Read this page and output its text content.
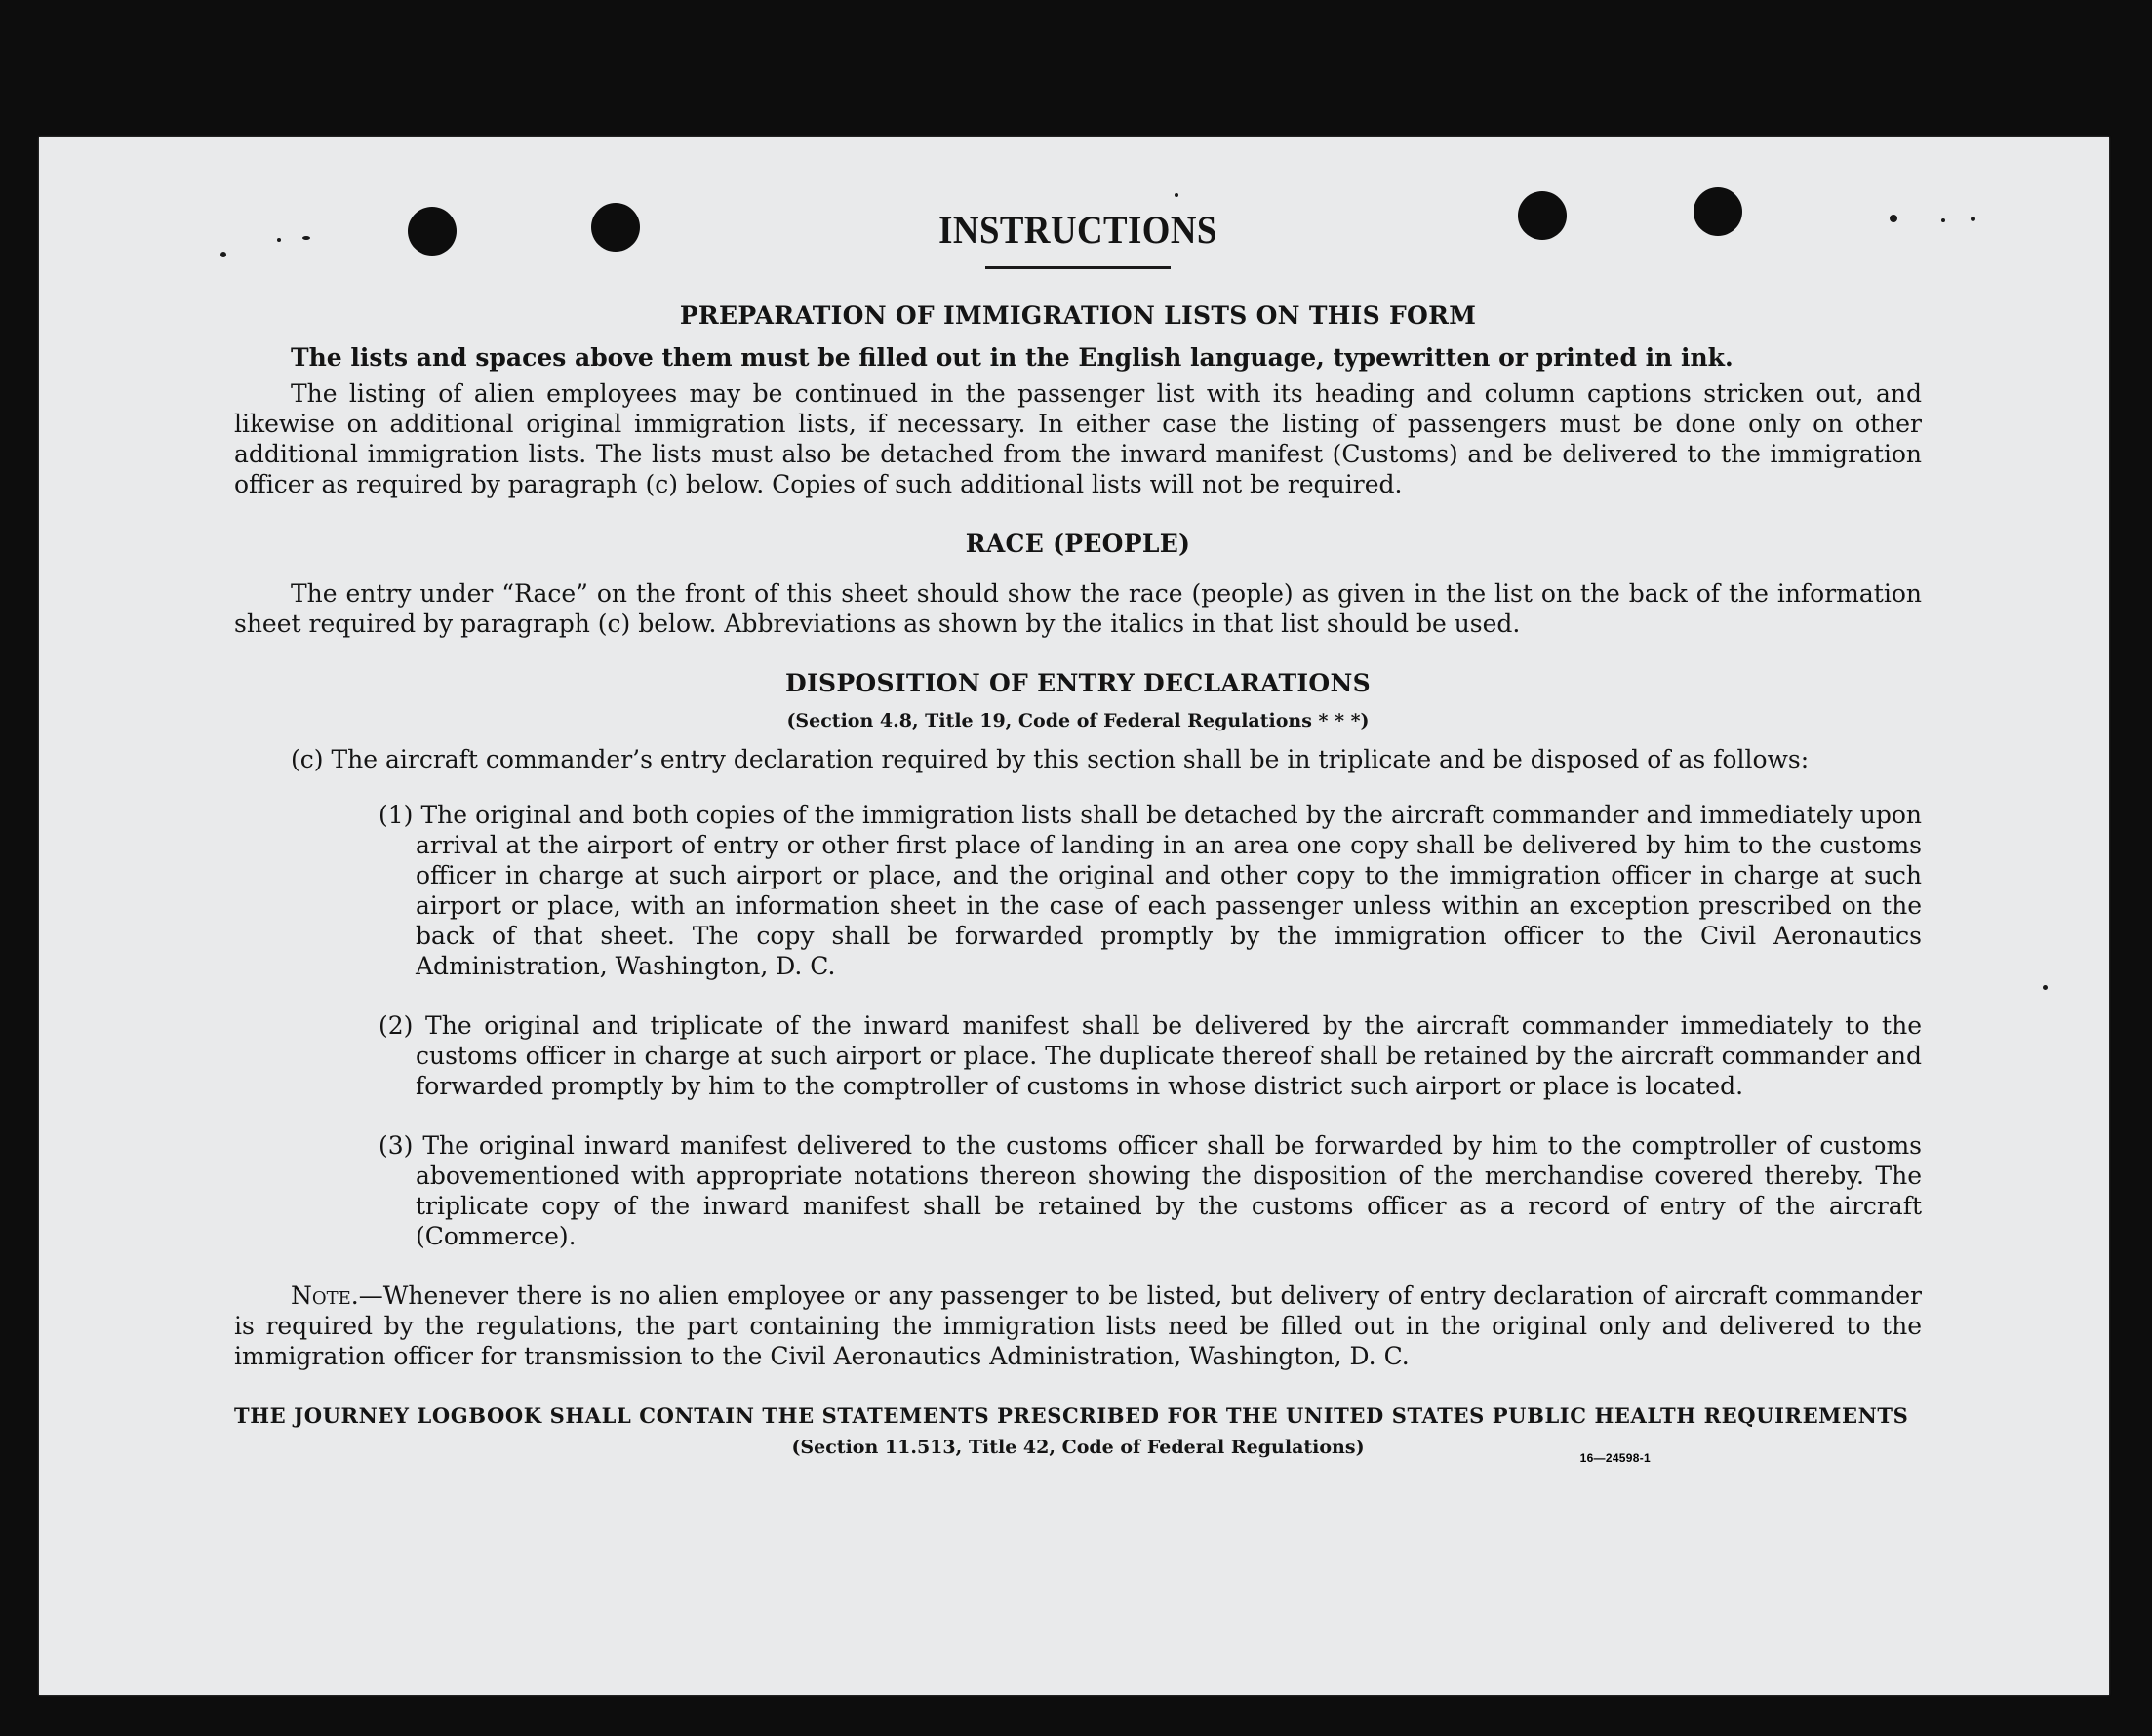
INSTRUCTIONS
PREPARATION OF IMMIGRATION LISTS ON THIS FORM

The lists and spaces above them must be filled out in the English language, typewritten or printed in ink.

The listing of alien employees may be continued in the passenger list with its heading and column captions stricken out, and likewise on additional original immigration lists, if necessary. In either case the listing of passengers must be done only on other additional immigration lists. The lists must also be detached from the inward manifest (Customs) and be delivered to the immigration officer as required by paragraph (c) below. Copies of such additional lists will not be required.

RACE (PEOPLE)

The entry under “Race” on the front of this sheet should show the race (people) as given in the list on the back of the information sheet required by paragraph (c) below. Abbreviations as shown by the italics in that list should be used.

DISPOSITION OF ENTRY DECLARATIONS
(Section 4.8, Title 19, Code of Federal Regulations * * *)

(c) The aircraft commander’s entry declaration required by this section shall be in triplicate and be disposed of as follows:

(1) The original and both copies of the immigration lists shall be detached by the aircraft commander and immediately upon arrival at the airport of entry or other first place of landing in an area one copy shall be delivered by him to the customs officer in charge at such airport or place, and the original and other copy to the immigration officer in charge at such airport or place, with an information sheet in the case of each passenger unless within an exception prescribed on the back of that sheet. The copy shall be forwarded promptly by the immigration officer to the Civil Aeronautics Administration, Washington, D. C.

(2) The original and triplicate of the inward manifest shall be delivered by the aircraft commander immediately to the customs officer in charge at such airport or place. The duplicate thereof shall be retained by the aircraft commander and forwarded promptly by him to the comptroller of customs in whose district such airport or place is located.

(3) The original inward manifest delivered to the customs officer shall be forwarded by him to the comptroller of customs abovementioned with appropriate notations thereon showing the disposition of the merchandise covered thereby. The triplicate copy of the inward manifest shall be retained by the customs officer as a record of entry of the aircraft (Commerce).

Note.—Whenever there is no alien employee or any passenger to be listed, but delivery of entry declaration of aircraft commander is required by the regulations, the part containing the immigration lists need be filled out in the original only and delivered to the immigration officer for transmission to the Civil Aeronautics Administration, Washington, D. C.

THE JOURNEY LOGBOOK SHALL CONTAIN THE STATEMENTS PRESCRIBED FOR THE UNITED STATES PUBLIC HEALTH REQUIREMENTS

(Section 11.513, Title 42, Code of Federal Regulations)	16—24598-1
